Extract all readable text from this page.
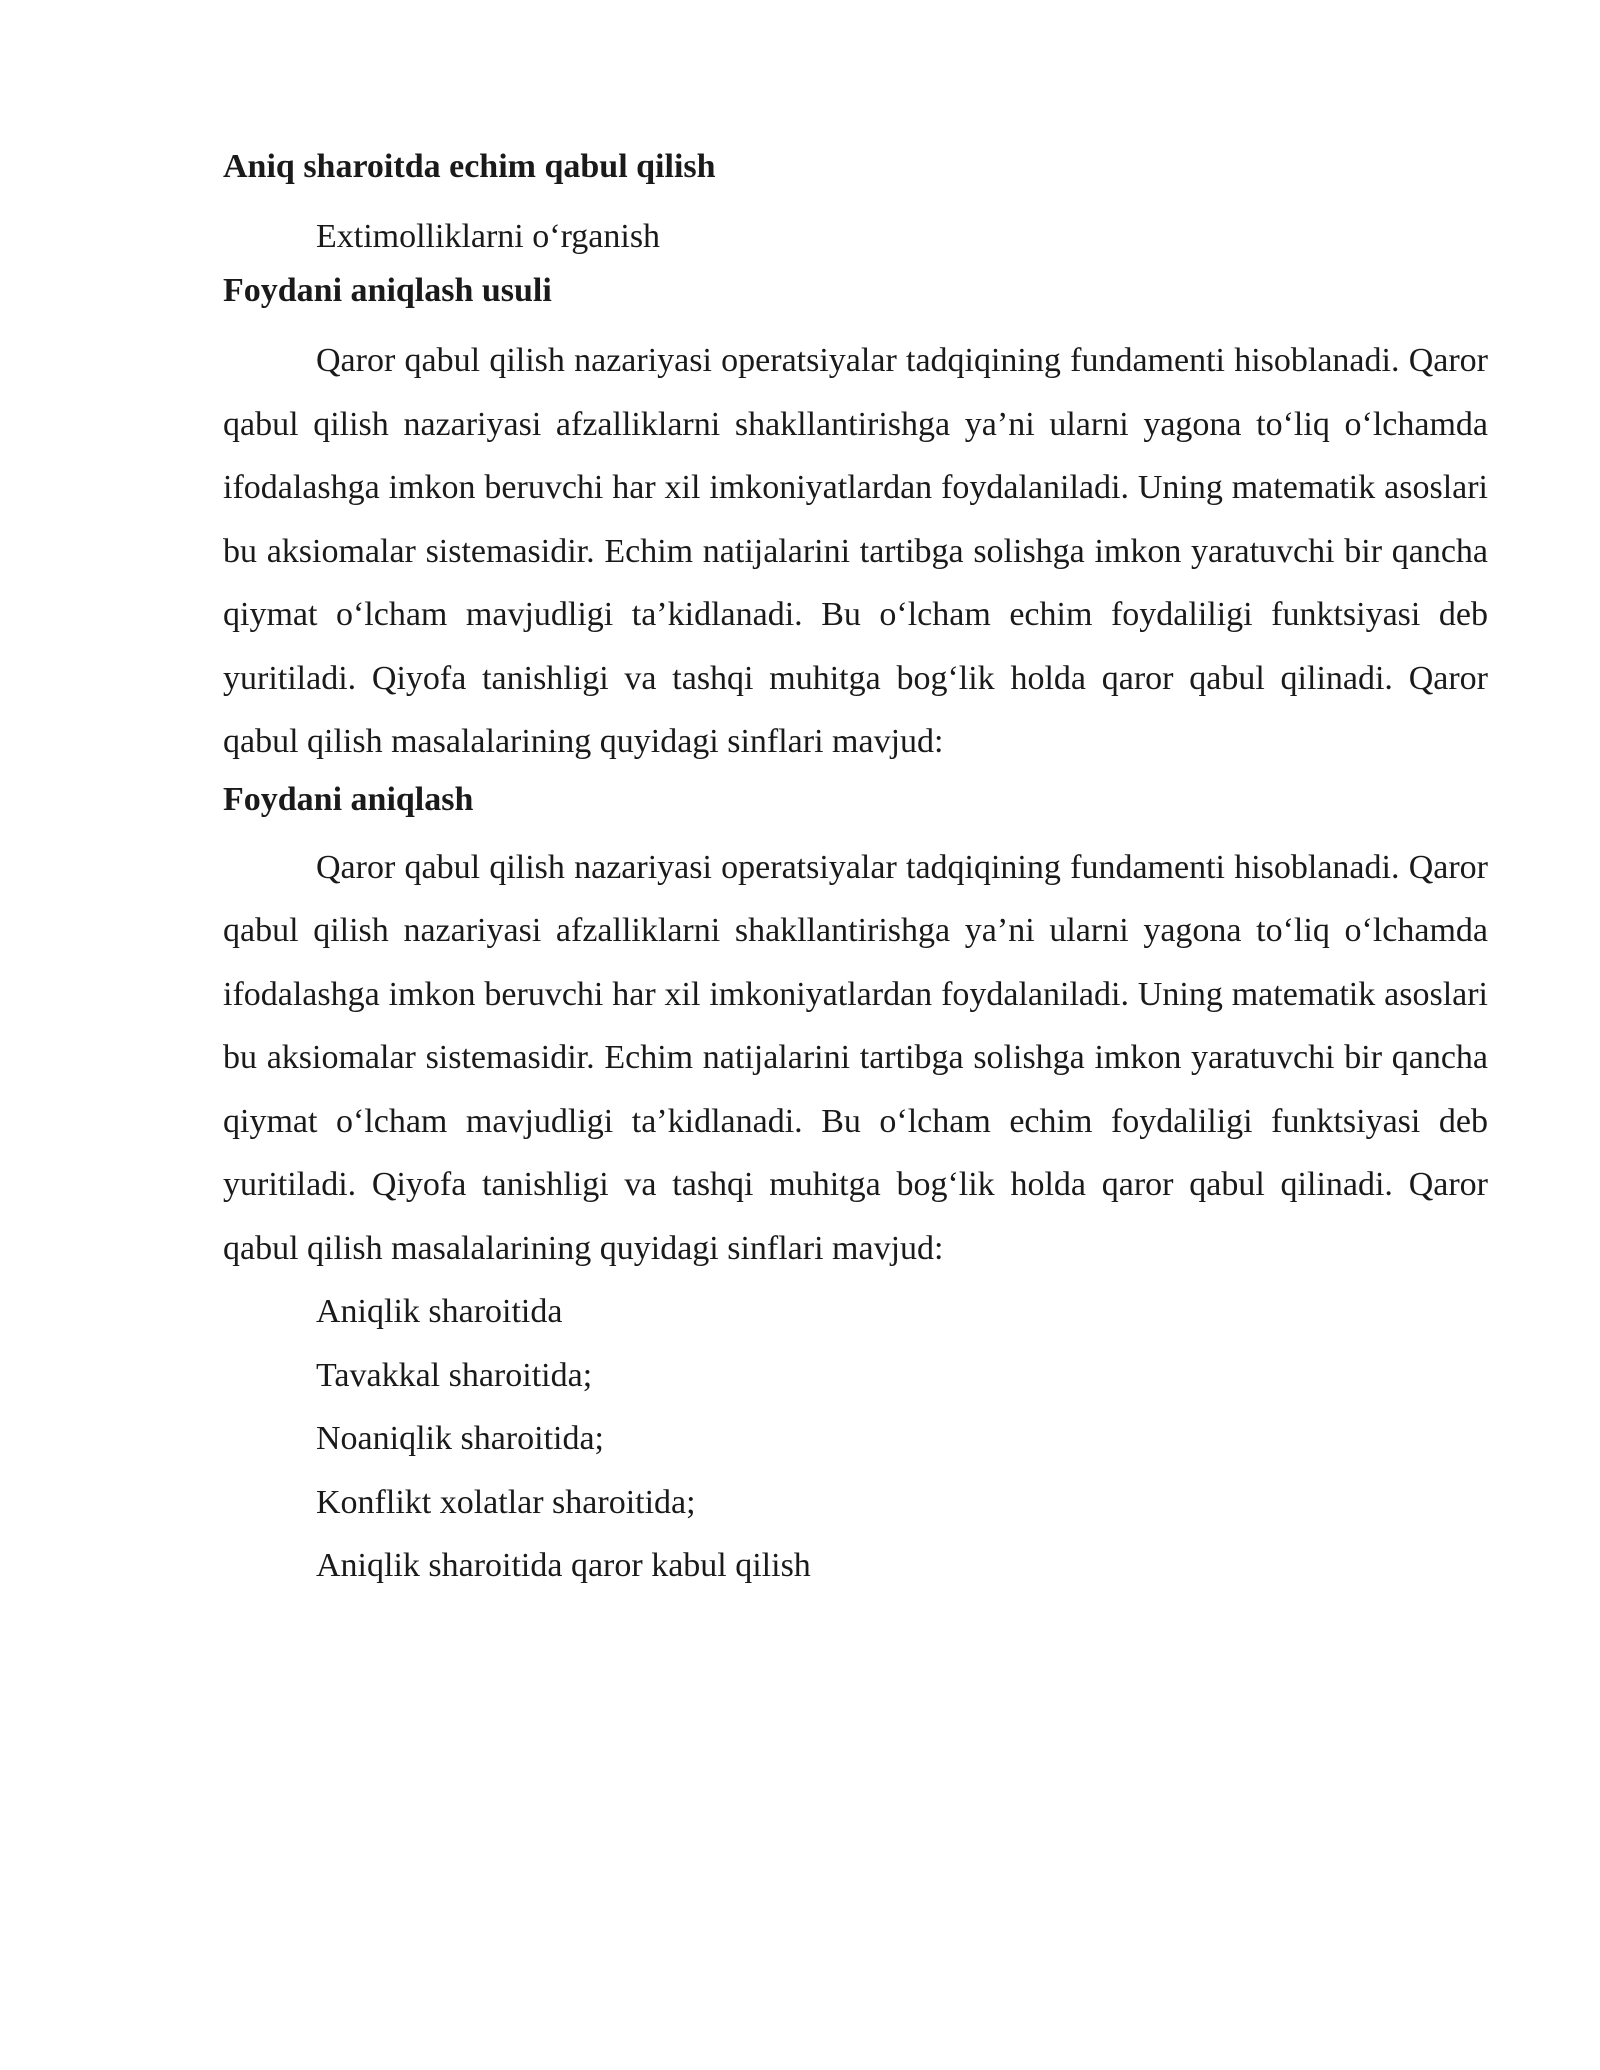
Aniq sharoitda echim qabul qilish

Extimolliklarni o‘rganish

Foydani aniqlash usuli

Qaror qabul qilish nazariyasi operatsiyalar tadqiqining fundamenti hisoblanadi. Qaror qabul qilish nazariyasi afzalliklarni shakllantirishga ya’ni ularni yagona to‘liq o‘lchamda ifodalashga imkon beruvchi har xil imkoniyatlardan foydalaniladi. Uning matematik asoslari bu aksiomalar sistemasidir. Echim natijalarini tartibga solishga imkon yaratuvchi bir qancha qiymat o‘lcham mavjudligi ta’kidlanadi. Bu o‘lcham echim foydaliligi funktsiyasi deb yuritiladi. Qiyofa tanishligi va tashqi muhitga bog‘lik holda qaror qabul qilinadi. Qaror qabul qilish masalalarining quyidagi sinflari mavjud:

Foydani aniqlash

Qaror qabul qilish nazariyasi operatsiyalar tadqiqining fundamenti hisoblanadi. Qaror qabul qilish nazariyasi afzalliklarni shakllantirishga ya’ni ularni yagona to‘liq o‘lchamda ifodalashga imkon beruvchi har xil imkoniyatlardan foydalaniladi. Uning matematik asoslari bu aksiomalar sistemasidir. Echim natijalarini tartibga solishga imkon yaratuvchi bir qancha qiymat o‘lcham mavjudligi ta’kidlanadi. Bu o‘lcham echim foydaliligi funktsiyasi deb yuritiladi. Qiyofa tanishligi va tashqi muhitga bog‘lik holda qaror qabul qilinadi. Qaror qabul qilish masalalarining quyidagi sinflari mavjud:

Aniqlik sharoitida
Tavakkal sharoitida;
Noaniqlik sharoitida;
Konflikt xolatlar sharoitida;
Aniqlik sharoitida qaror kabul qilish
